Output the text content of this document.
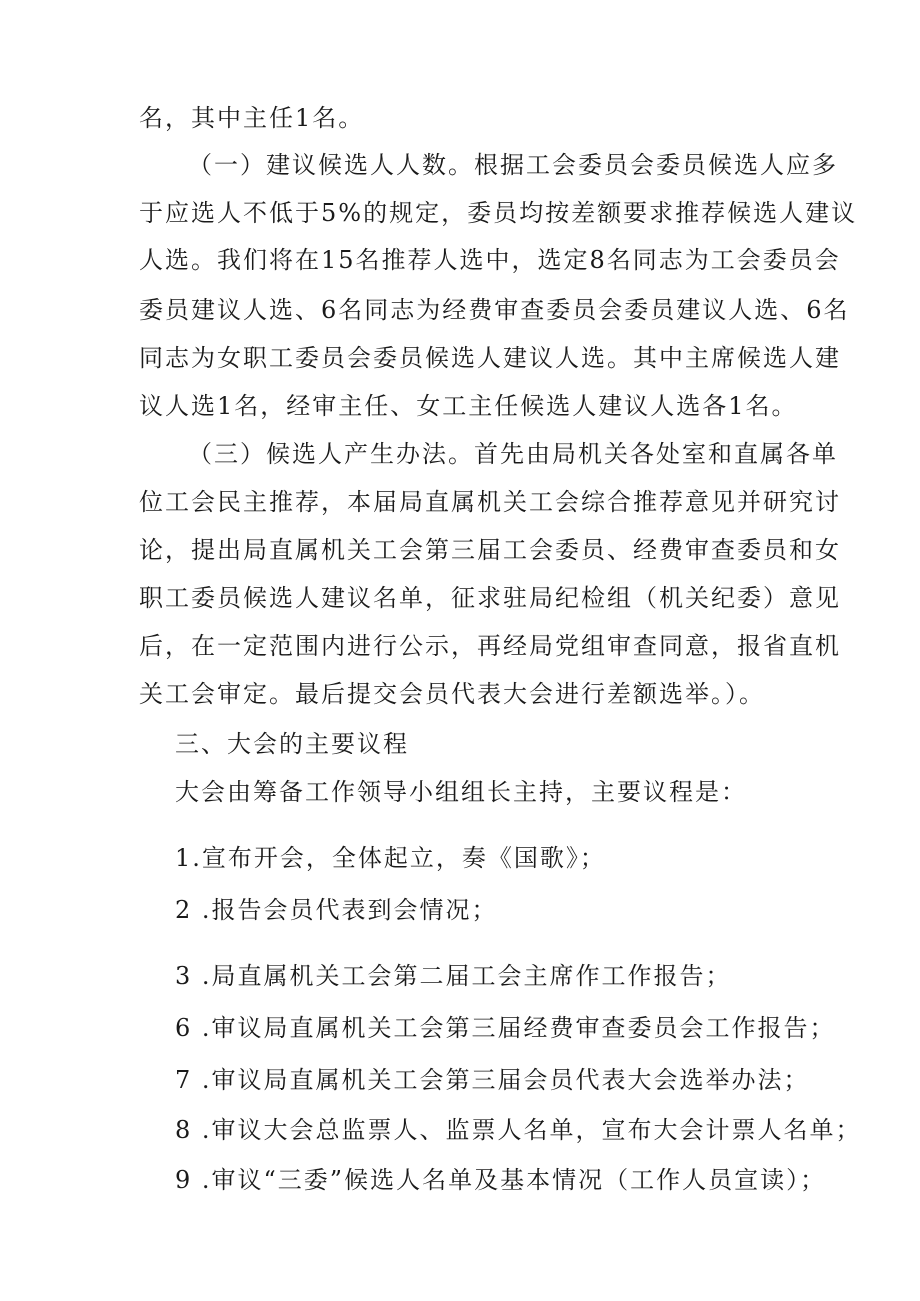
名，其中主任1名。
（一）建议候选人人数。根据工会委员会委员候选人应多
于应选人不低于5%的规定，委员均按差额要求推荐候选人建议
人选。我们将在15名推荐人选中，选定8名同志为工会委员会
委员建议人选、6名同志为经费审查委员会委员建议人选、6名
同志为女职工委员会委员候选人建议人选。其中主席候选人建
议人选1名，经审主任、女工主任候选人建议人选各1名。
（三）候选人产生办法。首先由局机关各处室和直属各单
位工会民主推荐，本届局直属机关工会综合推荐意见并研究讨
论，提出局直属机关工会第三届工会委员、经费审查委员和女
职工委员候选人建议名单，征求驻局纪检组（机关纪委）意见
后，在一定范围内进行公示，再经局党组审查同意，报省直机
关工会审定。最后提交会员代表大会进行差额选举。）。
三、大会的主要议程
大会由筹备工作领导小组组长主持，主要议程是：
1.宣布开会，全体起立，奏《国歌》；
2 .报告会员代表到会情况；
3 .局直属机关工会第二届工会主席作工作报告；
6 .审议局直属机关工会第三届经费审查委员会工作报告；
7 .审议局直属机关工会第三届会员代表大会选举办法；
8 .审议大会总监票人、监票人名单，宣布大会计票人名单；
9 .审议“三委”候选人名单及基本情况（工作人员宣读）；
